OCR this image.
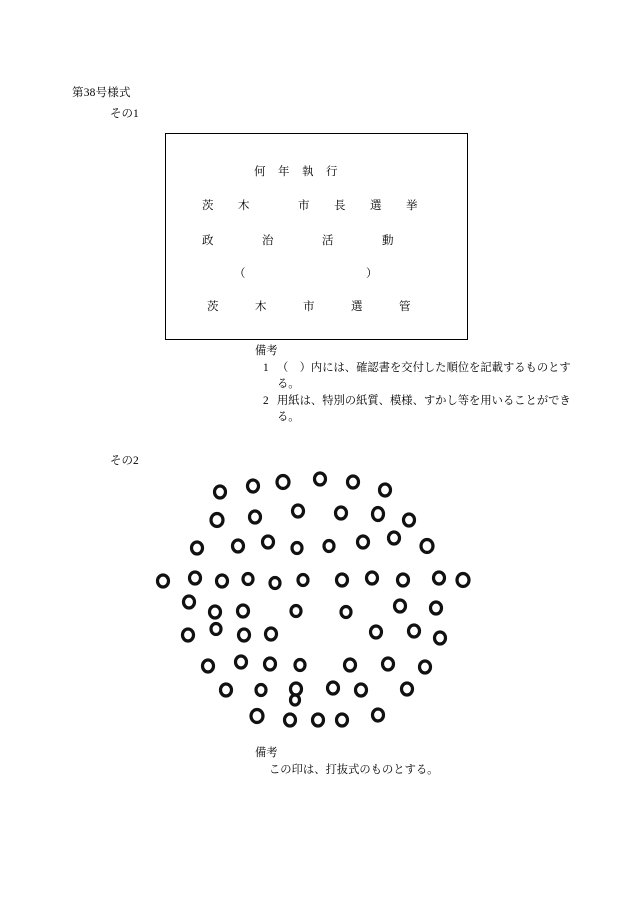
第38号様式
その1
何　年　執　行
茨　　木　　　　市　　長　　選　　挙
政　　　　治　　　　活　　　　動
（　　　　　　　　　　）
茨　　　木　　　市　　　選　　　管
備考
1 （　）内には、確認書を交付した順位を記載するものとする。
2 用紙は、特別の紙質、模様、すかし等を用いることができる。
その2
備考
この印は、打抜式のものとする。
